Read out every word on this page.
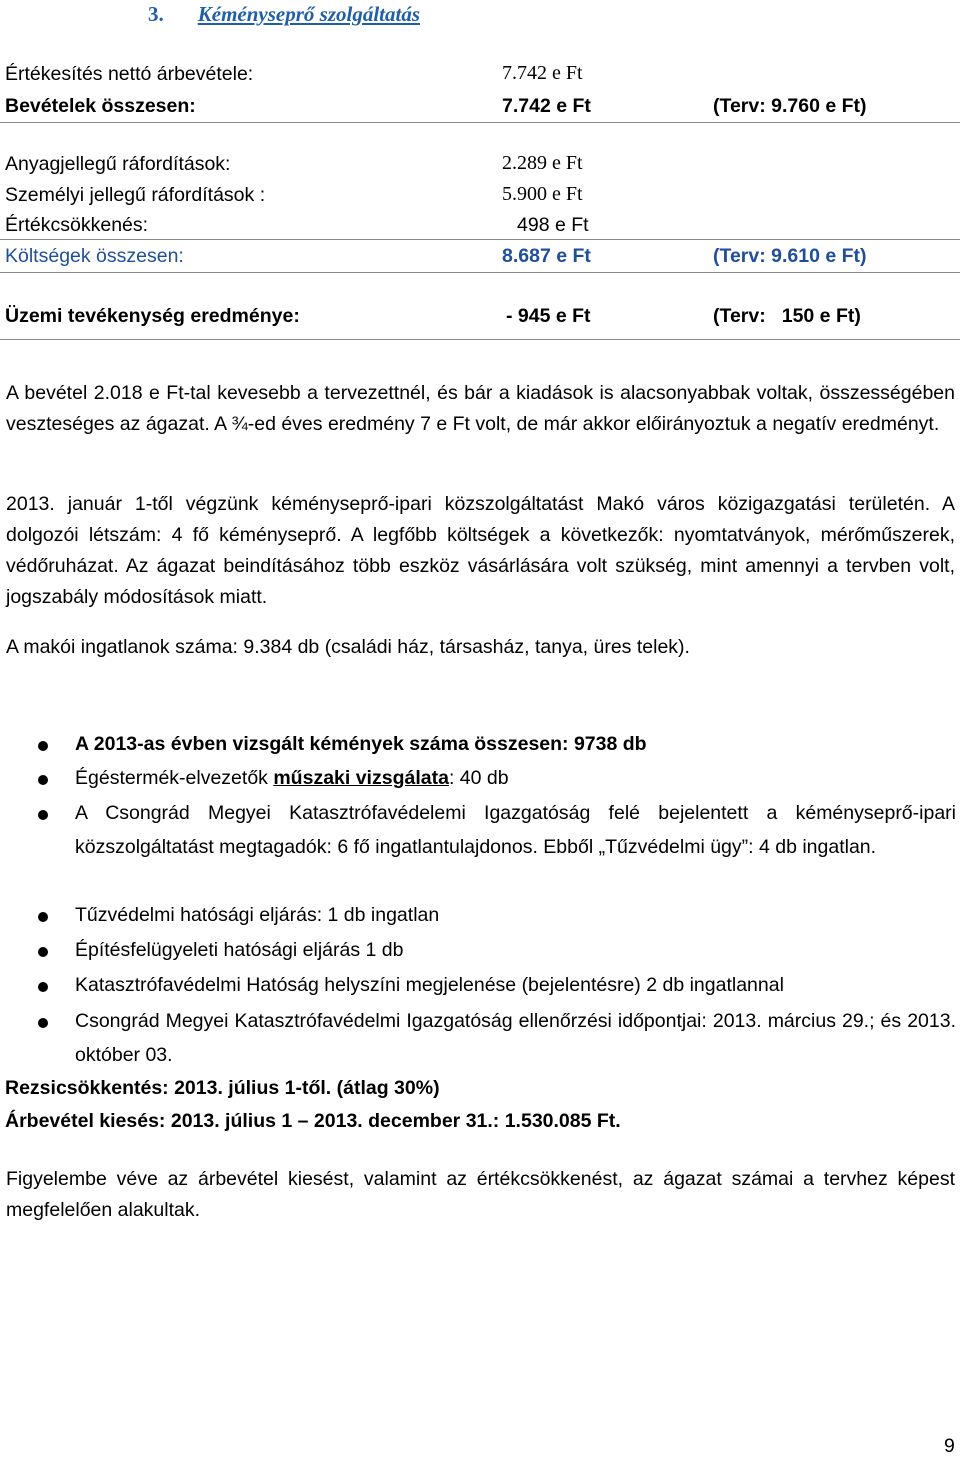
3. Kéményseprő szolgáltatás
Értékesítés nettó árbevétele:	7.742 e Ft
Bevételek összesen:	7.742 e Ft	(Terv: 9.760 e Ft)
Anyagjellegű ráfordítások:	2.289 e Ft
Személyi jellegű ráfordítások :	5.900 e Ft
Értékcsökkenés:	498 e Ft
Költségek összesen:	8.687 e Ft	(Terv: 9.610 e Ft)
Üzemi tevékenység eredménye:	- 945 e Ft	(Terv: 150 e Ft)
A bevétel 2.018 e Ft-tal kevesebb a tervezettnél, és bár a kiadások is alacsonyabbak voltak, összességében veszteséges az ágazat. A ¾-ed éves eredmény 7 e Ft volt, de már akkor előirányoztuk a negatív eredményt.
2013. január 1-től végzünk kéményseprő-ipari közszolgáltatást Makó város közigazgatási területén. A dolgozói létszám: 4 fő kéményseprő. A legfőbb költségek a következők: nyomtatványok, mérőműszerek, védőruházat. Az ágazat beindításához több eszköz vásárlására volt szükség, mint amennyi a tervben volt, jogszabály módosítások miatt.
A makói ingatlanok száma: 9.384 db (családi ház, társasház, tanya, üres telek).
A 2013-as évben vizsgált kémények száma összesen: 9738 db
Égéstermék-elvezetők műszaki vizsgálata: 40 db
A Csongrád Megyei Katasztrófavédelemi Igazgatóság felé bejelentett a kéményseprő-ipari közszolgáltatást megtagadók: 6 fő ingatlantulajdonos. Ebből „Tűzvédelmi ügy”: 4 db ingatlan.
Tűzvédelmi hatósági eljárás: 1 db ingatlan
Építésfelügyeleti hatósági eljárás 1 db
Katasztrófavédelmi Hatóság helyszíni megjelenése (bejelentésre) 2 db ingatlannal
Csongrád Megyei Katasztrófavédelmi Igazgatóság ellenőrzési időpontjai: 2013. március 29.; és 2013. október 03.
Rezsicsökkentés: 2013. július 1-től. (átlag 30%)
Árbevétel kiesés: 2013. július 1 – 2013. december 31.: 1.530.085 Ft.
Figyelembe véve az árbevétel kiesést, valamint az értékcsökkenést, az ágazat számai a tervhez képest megfelelően alakultak.
9
